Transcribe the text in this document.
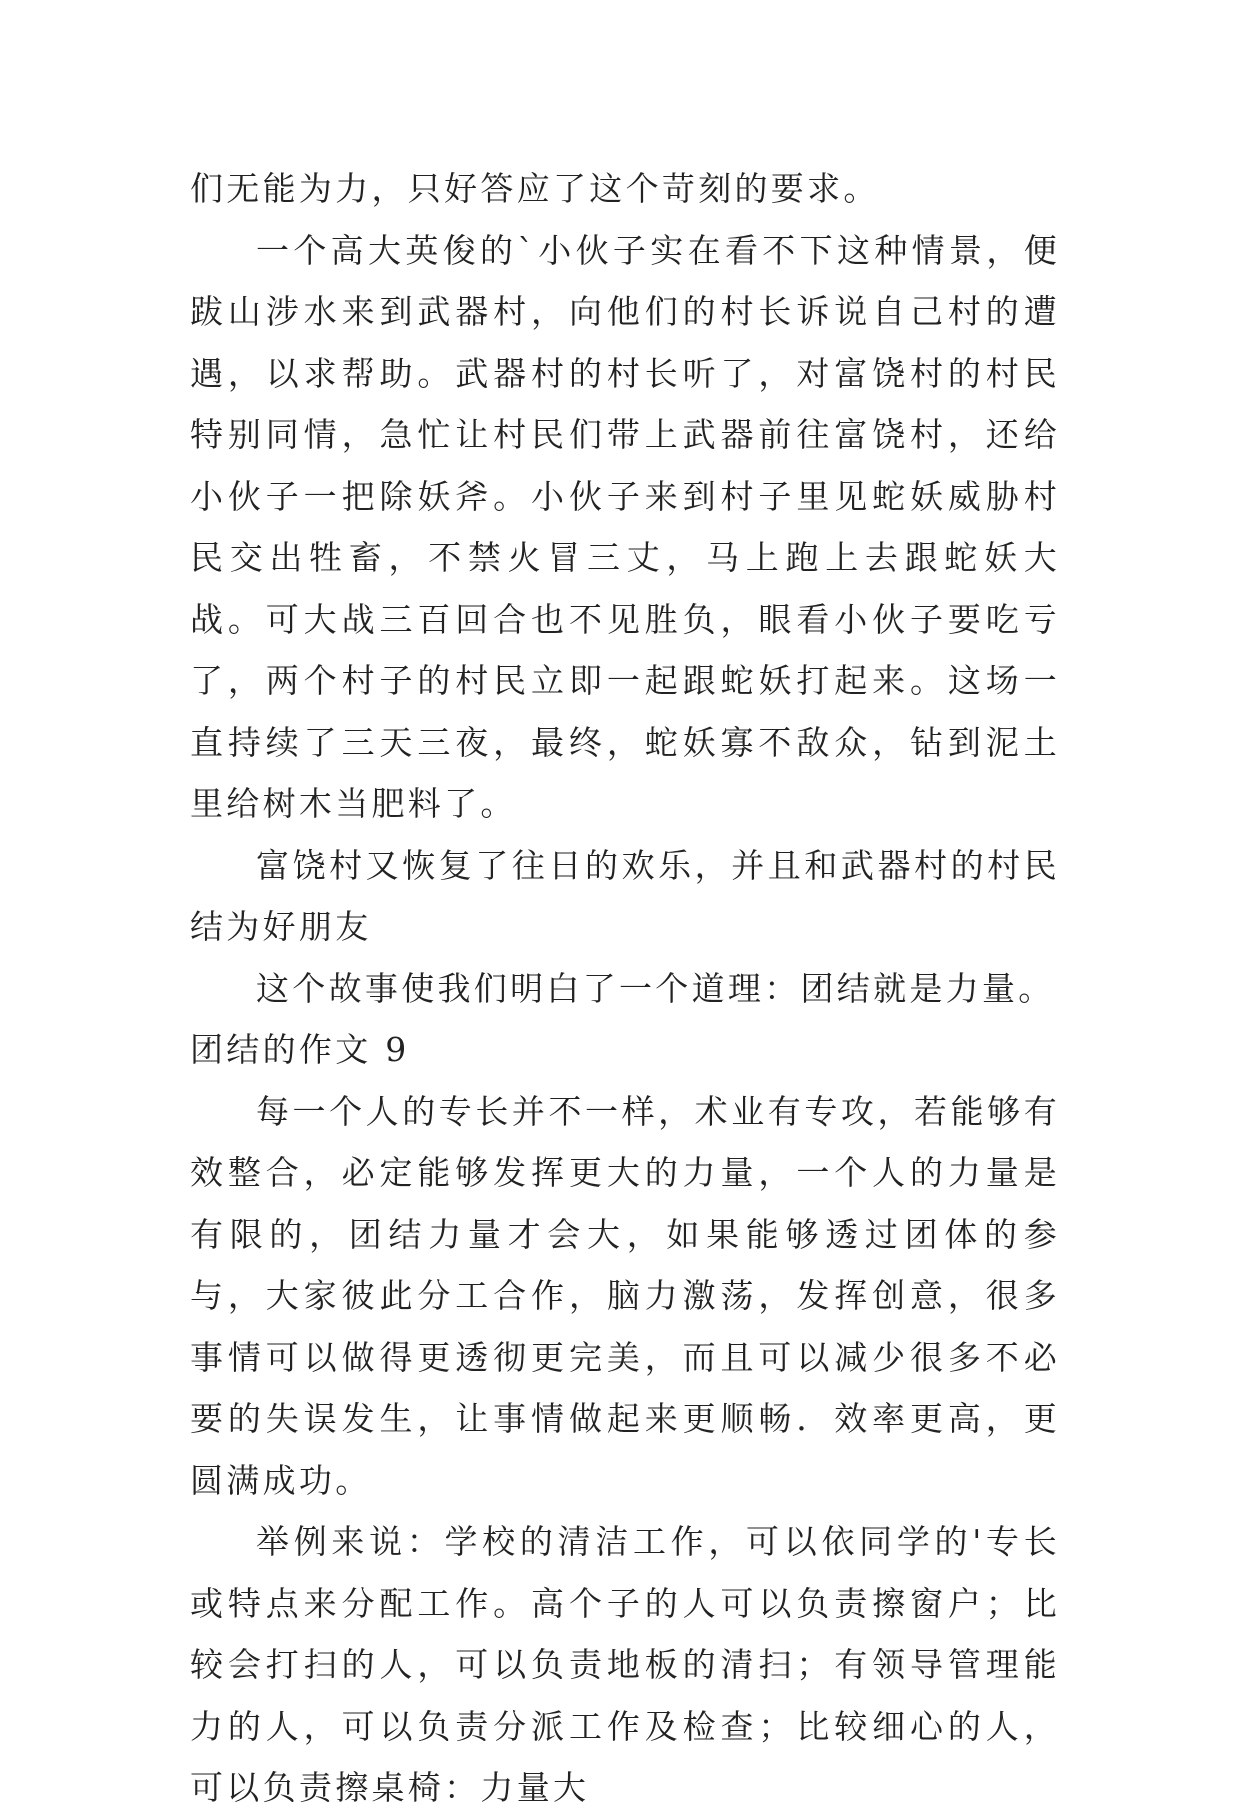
们无能为力，只好答应了这个苛刻的要求。

一个高大英俊的`小伙子实在看不下这种情景，便跋山涉水来到武器村，向他们的村长诉说自己村的遭遇，以求帮助。武器村的村长听了，对富饶村的村民特别同情，急忙让村民们带上武器前往富饶村，还给小伙子一把除妖斧。小伙子来到村子里见蛇妖威胁村民交出牲畜，不禁火冒三丈，马上跑上去跟蛇妖大战。可大战三百回合也不见胜负，眼看小伙子要吃亏了，两个村子的村民立即一起跟蛇妖打起来。这场一直持续了三天三夜，最终，蛇妖寡不敌众，钻到泥土里给树木当肥料了。

富饶村又恢复了往日的欢乐，并且和武器村的村民结为好朋友

这个故事使我们明白了一个道理：团结就是力量。

团结的作文 9

每一个人的专长并不一样，术业有专攻，若能够有效整合，必定能够发挥更大的力量，一个人的力量是有限的，团结力量才会大，如果能够透过团体的参与，大家彼此分工合作，脑力激荡，发挥创意，很多事情可以做得更透彻更完美，而且可以减少很多不必要的失误发生，让事情做起来更顺畅．效率更高，更圆满成功。

举例来说：学校的清洁工作，可以依同学的'专长或特点来分配工作。高个子的人可以负责擦窗户；比较会打扫的人，可以负责地板的清扫；有领导管理能力的人，可以负责分派工作及检查；比较细心的人，可以负责擦桌椅：力量大
